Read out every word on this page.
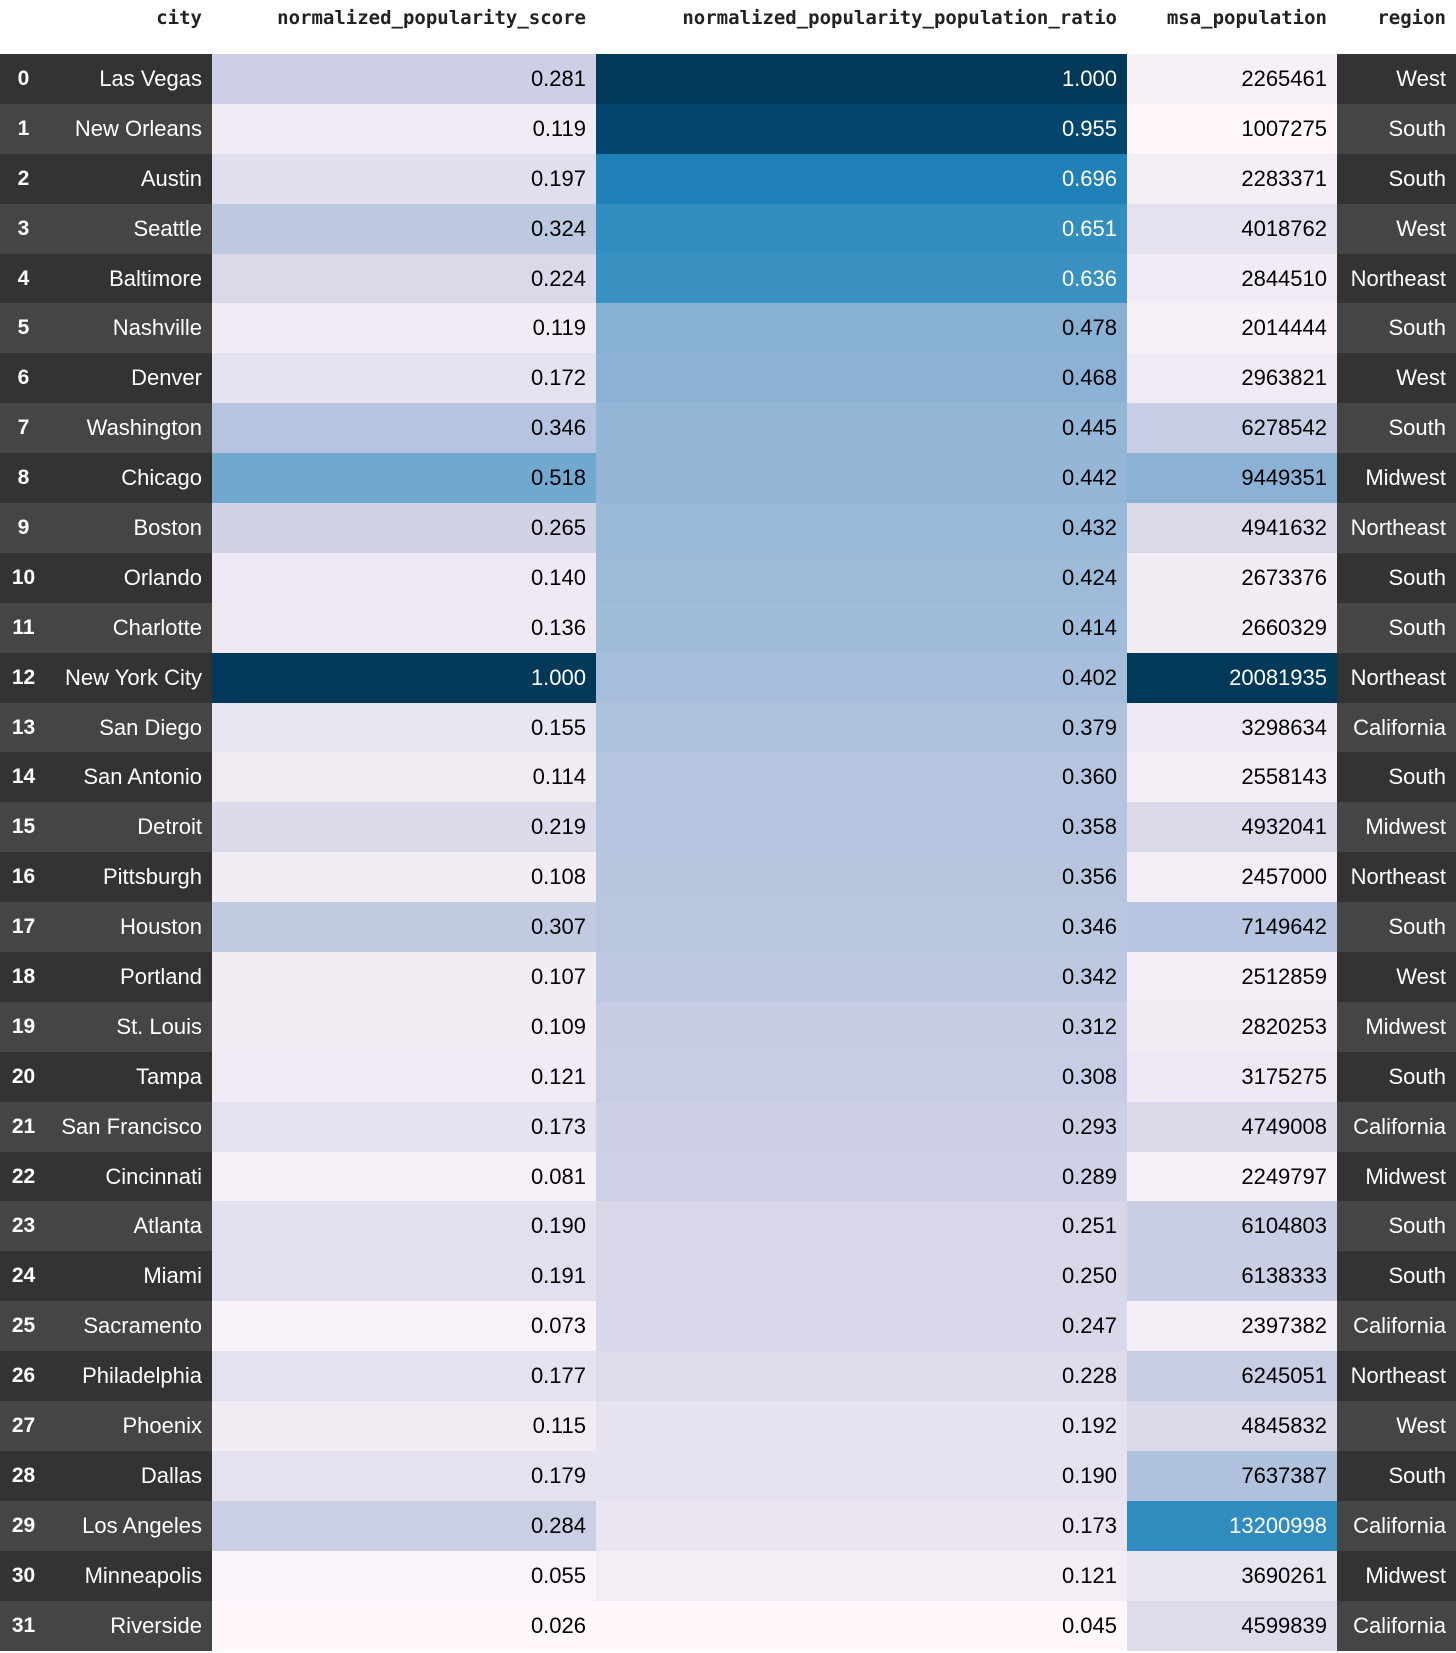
	city	normalized_popularity_score	normalized_popularity_population_ratio	msa_population	region
0	Las Vegas	0.281	1.000	2265461	West
1	New Orleans	0.119	0.955	1007275	South
2	Austin	0.197	0.696	2283371	South
3	Seattle	0.324	0.651	4018762	West
4	Baltimore	0.224	0.636	2844510	Northeast
5	Nashville	0.119	0.478	2014444	South
6	Denver	0.172	0.468	2963821	West
7	Washington	0.346	0.445	6278542	South
8	Chicago	0.518	0.442	9449351	Midwest
9	Boston	0.265	0.432	4941632	Northeast
10	Orlando	0.140	0.424	2673376	South
11	Charlotte	0.136	0.414	2660329	South
12	New York City	1.000	0.402	20081935	Northeast
13	San Diego	0.155	0.379	3298634	California
14	San Antonio	0.114	0.360	2558143	South
15	Detroit	0.219	0.358	4932041	Midwest
16	Pittsburgh	0.108	0.356	2457000	Northeast
17	Houston	0.307	0.346	7149642	South
18	Portland	0.107	0.342	2512859	West
19	St. Louis	0.109	0.312	2820253	Midwest
20	Tampa	0.121	0.308	3175275	South
21	San Francisco	0.173	0.293	4749008	California
22	Cincinnati	0.081	0.289	2249797	Midwest
23	Atlanta	0.190	0.251	6104803	South
24	Miami	0.191	0.250	6138333	South
25	Sacramento	0.073	0.247	2397382	California
26	Philadelphia	0.177	0.228	6245051	Northeast
27	Phoenix	0.115	0.192	4845832	West
28	Dallas	0.179	0.190	7637387	South
29	Los Angeles	0.284	0.173	13200998	California
30	Minneapolis	0.055	0.121	3690261	Midwest
31	Riverside	0.026	0.045	4599839	California
